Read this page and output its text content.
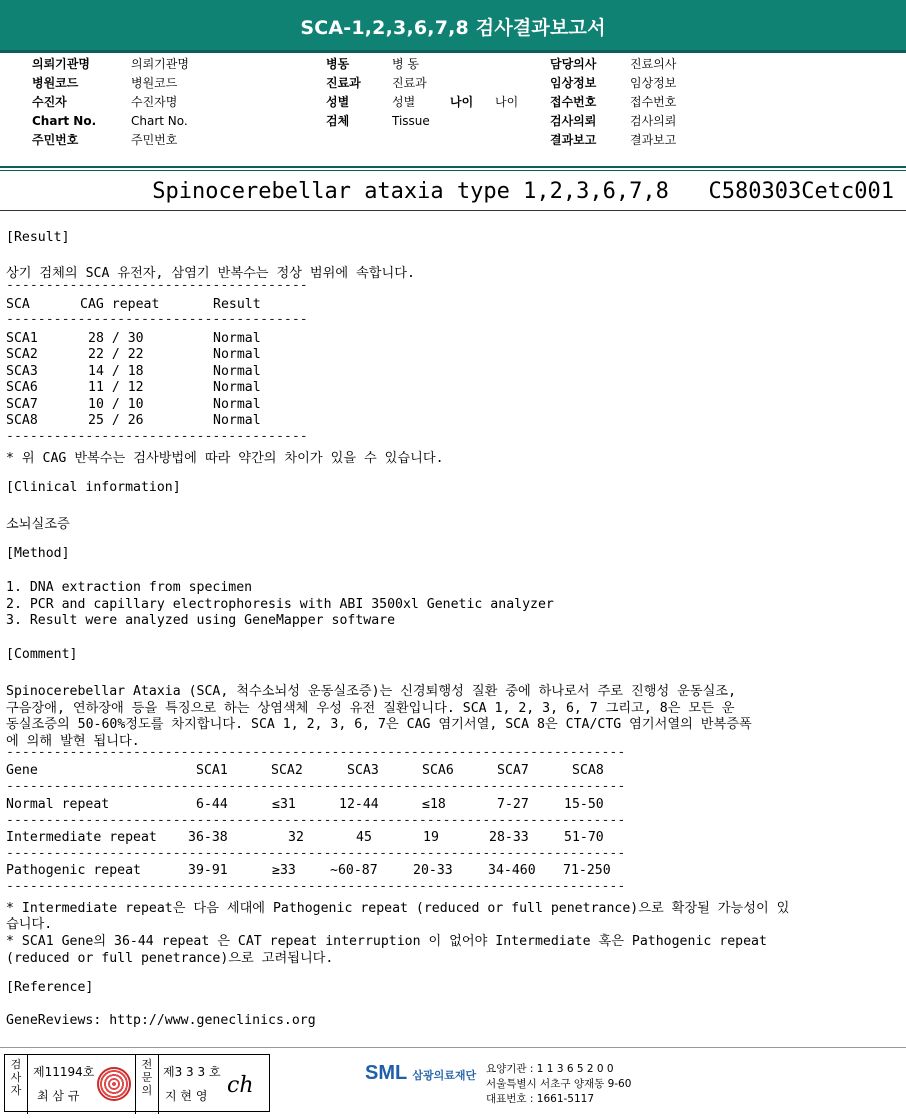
SCA-1,2,3,6,7,8 검사결과보고서
의뢰기관명	의뢰기관명
병원코드	병원코드
수진자	수진자명
Chart No.	Chart No.
주민번호	주민번호
병동	병 동
진료과	진료과
성별	성별	나이 나이
검체	Tissue
담당의사	진료의사
임상정보	임상정보
접수번호	접수번호
검사의뢰	검사의뢰
결과보고	결과보고
Spinocerebellar ataxia type 1,2,3,6,7,8   C580303Cetc001
[Result]
상기 검체의 SCA 유전자, 삼염기 반복수는 정상 범위에 속합니다.
--------------------------------------
SCA	CAG repeat	Result
--------------------------------------
SCA1	28 / 30	Normal
SCA2	22 / 22	Normal
SCA3	14 / 18	Normal
SCA6	11 / 12	Normal
SCA7	10 / 10	Normal
SCA8	25 / 26	Normal
--------------------------------------
* 위 CAG 반복수는 검사방법에 따라 약간의 차이가 있을 수 있습니다.
[Clinical information]
소뇌실조증
[Method]
1. DNA extraction from specimen
2. PCR and capillary electrophoresis with ABI 3500xl Genetic analyzer
3. Result were analyzed using GeneMapper software
[Comment]
Spinocerebellar Ataxia (SCA, 척수소뇌성 운동실조증)는 신경퇴행성 질환 중에 하나로서 주로 진행성 운동실조,
구음장애, 연하장애 등을 특징으로 하는 상염색체 우성 유전 질환입니다. SCA 1, 2, 3, 6, 7 그리고, 8은 모든 운
동실조증의 50-60%정도를 차지합니다. SCA 1, 2, 3, 6, 7은 CAG 염기서열, SCA 8은 CTA/CTG 염기서열의 반복증폭
에 의해 발현 됩니다.
------------------------------------------------------------------------------
Gene	SCA1	SCA2	SCA3	SCA6	SCA7	SCA8
------------------------------------------------------------------------------
Normal repeat	6-44	≤31	12-44	≤18	7-27	15-50
------------------------------------------------------------------------------
Intermediate repeat 36-38	32	45	19	28-33	51-70
------------------------------------------------------------------------------
Pathogenic repeat	39-91	≥33	~60-87	20-33	34-460 71-250
------------------------------------------------------------------------------
* Intermediate repeat은 다음 세대에 Pathogenic repeat (reduced or full penetrance)으로 확장될 가능성이 있
습니다.
* SCA1 Gene의 36-44 repeat 은 CAT repeat interruption 이 없어야 Intermediate 혹은 Pathogenic repeat
(reduced or full penetrance)으로 고려됩니다.
[Reference]
GeneReviews: http://www.geneclinics.org
검사자
제11194호
최 삼 규
전문의
제3 3 3 호
지 현 영 ch	SML 삼광의료재단 요양기관 : 1 1 3 6 5 2 0 0
서울특별시 서초구 양재동 9-60
대표번호 : 1661-5117
